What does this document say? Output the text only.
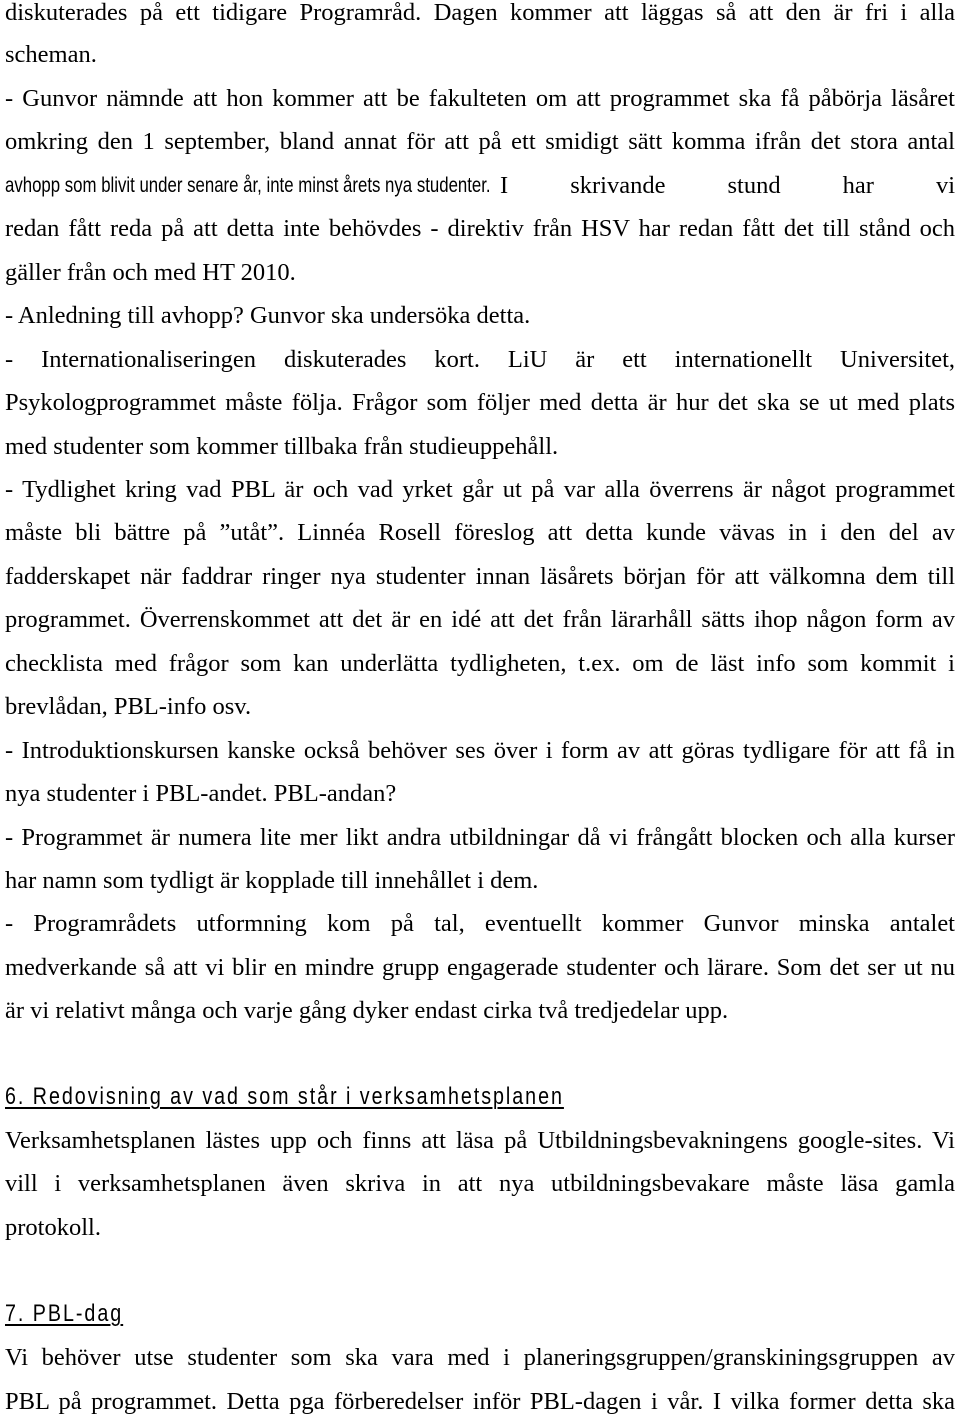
diskuterades på ett tidigare Programråd. Dagen kommer att läggas så att den är fri i alla
scheman.
- Gunvor nämnde att hon kommer att be fakulteten om att programmet ska få påbörja läsåret
omkring den 1 september, bland annat för att på ett smidigt sätt komma ifrån det stora antal
avhopp som blivit under senare år, inte minst årets nya studenter. I skrivande stund har vi
redan fått reda på att detta inte behövdes - direktiv från HSV har redan fått det till stånd och
gäller från och med HT 2010.
- Anledning till avhopp? Gunvor ska undersöka detta.
- Internationaliseringen diskuterades kort. LiU är ett internationellt Universitet,
Psykologprogrammet måste följa. Frågor som följer med detta är hur det ska se ut med plats
med studenter som kommer tillbaka från studieuppehåll.
- Tydlighet kring vad PBL är och vad yrket går ut på var alla överrens är något programmet
måste bli bättre på ”utåt”. Linnéa Rosell föreslog att detta kunde vävas in i den del av
fadderskapet när faddrar ringer nya studenter innan läsårets början för att välkomna dem till
programmet. Överrenskommet att det är en idé att det från lärarhåll sätts ihop någon form av
checklista med frågor som kan underlätta tydligheten, t.ex. om de läst info som kommit i
brevlådan, PBL-info osv.
- Introduktionskursen kanske också behöver ses över i form av att göras tydligare för att få in
nya studenter i PBL-andet. PBL-andan?
- Programmet är numera lite mer likt andra utbildningar då vi frångått blocken och alla kurser
har namn som tydligt är kopplade till innehållet i dem.
- Programrådets utformning kom på tal, eventuellt kommer Gunvor minska antalet
medverkande så att vi blir en mindre grupp engagerade studenter och lärare. Som det ser ut nu
är vi relativt många och varje gång dyker endast cirka två tredjedelar upp.
6. Redovisning av vad som står i verksamhetsplanen
Verksamhetsplanen lästes upp och finns att läsa på Utbildningsbevakningens google-sites. Vi
vill i verksamhetsplanen även skriva in att nya utbildningsbevakare måste läsa gamla
protokoll.
7. PBL-dag
Vi behöver utse studenter som ska vara med i planeringsgruppen/granskiningsgruppen av
PBL på programmet. Detta pga förberedelser inför PBL-dagen i vår. I vilka former detta ska
